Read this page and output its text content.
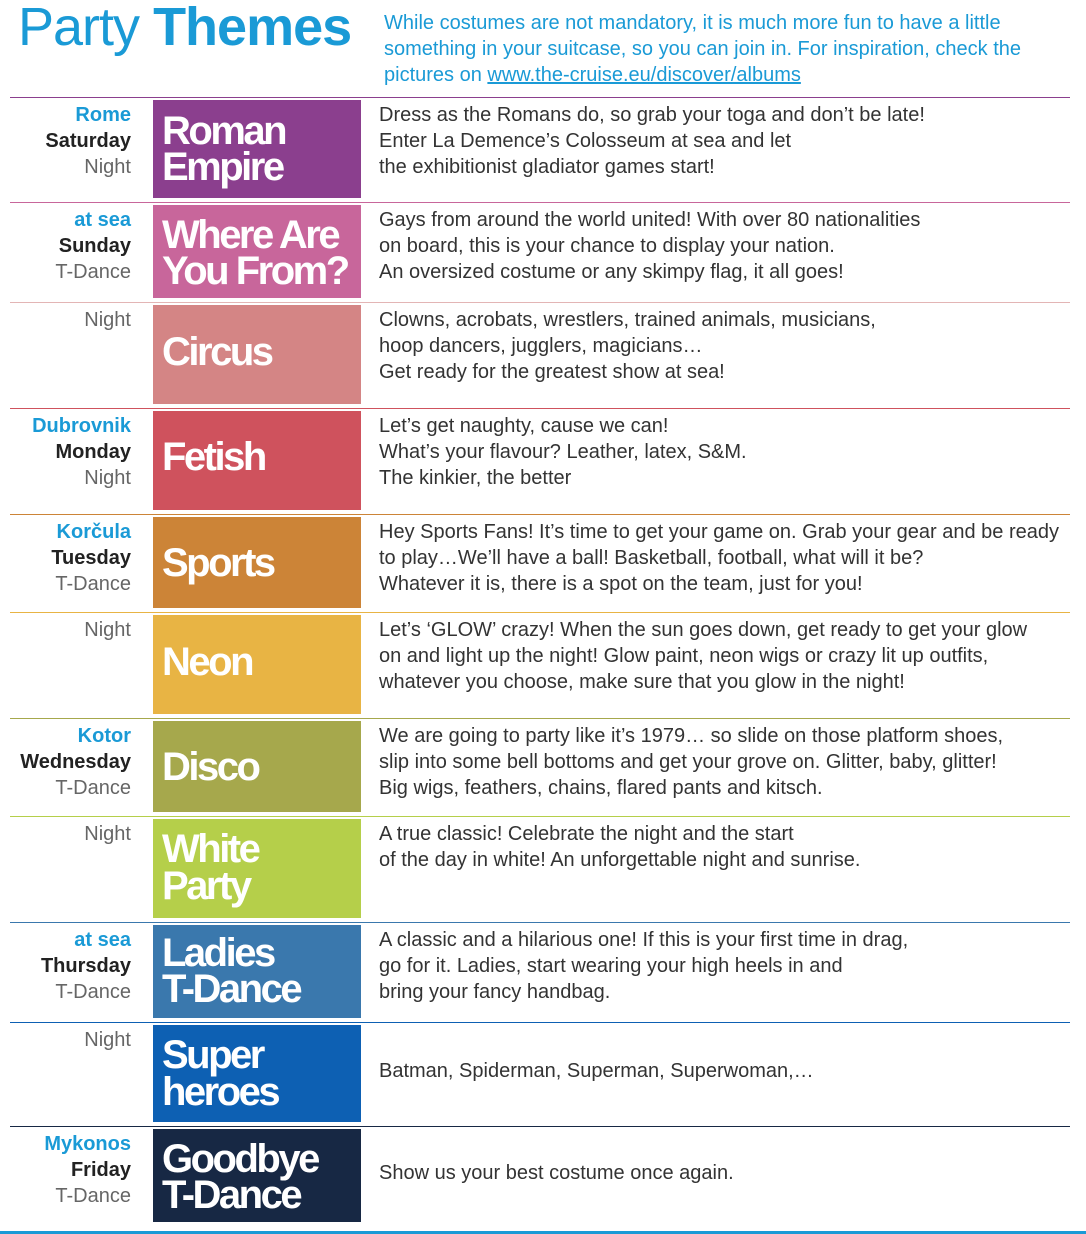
Party Themes While costumes are not mandatory, it is much more fun to have a little something in your suitcase, so you can join in. For inspiration, check the pictures on www.the-cruise.eu/discover/albums
Rome
Saturday
Night
Roman
Empire
Dress as the Romans do, so grab your toga and don’t be late!
Enter La Demence’s Colosseum at sea and let
the exhibitionist gladiator games start!
at sea
Sunday
T-Dance
Where Are
You From?
Gays from around the world united! With over 80 nationalities
on board, this is your chance to display your nation.
An oversized costume or any skimpy flag, it all goes!
Night
Circus
Clowns, acrobats, wrestlers, trained animals, musicians,
hoop dancers, jugglers, magicians…
Get ready for the greatest show at sea!
Dubrovnik
Monday
Night Fetish
Let’s get naughty, cause we can!
What’s your flavour? Leather, latex, S&M.
The kinkier, the better
Korčula
Tuesday
T-Dance Sports
Hey Sports Fans! It’s time to get your game on. Grab your gear and be ready
to play…We’ll have a ball! Basketball, football, what will it be?
Whatever it is, there is a spot on the team, just for you!
Night
Neon
Let’s ‘GLOW’ crazy! When the sun goes down, get ready to get your glow
on and light up the night! Glow paint, neon wigs or crazy lit up outfits,
whatever you choose, make sure that you glow in the night!
Kotor
Wednesday
T-Dance Disco
We are going to party like it’s 1979… so slide on those platform shoes,
slip into some bell bottoms and get your grove on. Glitter, baby, glitter!
Big wigs, feathers, chains, flared pants and kitsch.
Night White
Party
A true classic! Celebrate the night and the start
of the day in white! An unforgettable night and sunrise.
at sea
Thursday
T-Dance
Ladies
T-Dance
A classic and a hilarious one! If this is your first time in drag,
go for it. Ladies, start wearing your high heels in and
bring your fancy handbag.
Night Super
heroes	Batman, Spiderman, Superman, Superwoman,…
Mykonos
Friday
T-Dance
Goodbye
T-Dance
Show us your best costume once again.
